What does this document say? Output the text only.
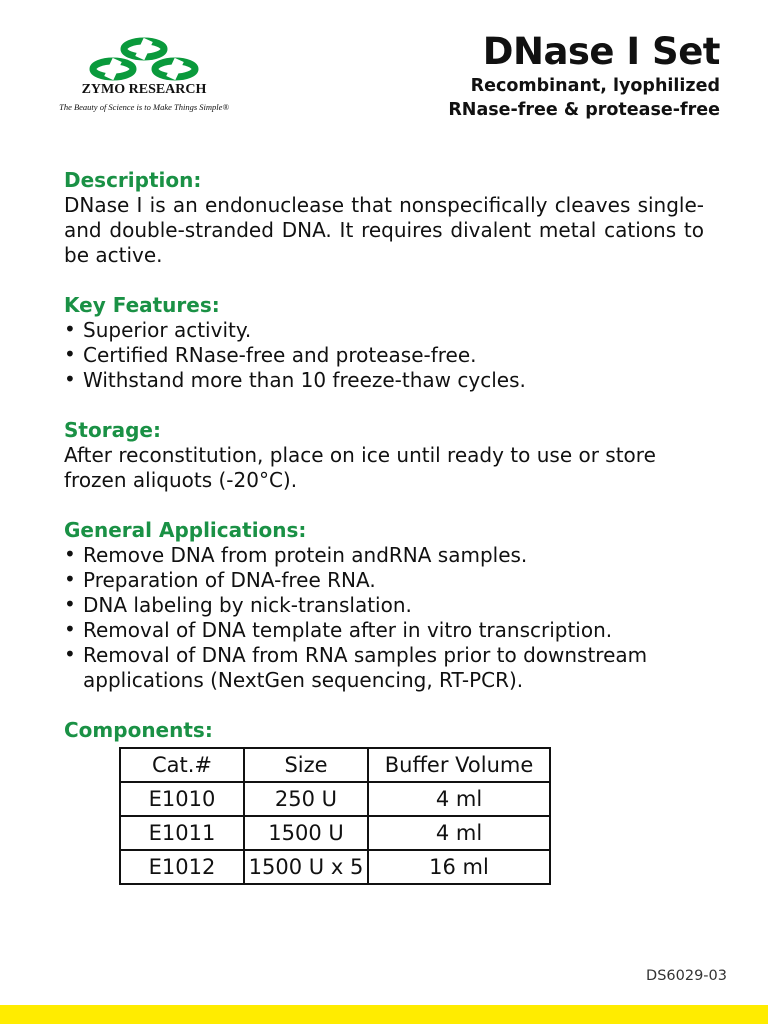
ZYMO RESEARCH
The Beauty of Science is to Make Things Simple®
DNase I Set
Recombinant, lyophilized
RNase-free & protease-free

Description:

DNase I is an endonuclease that nonspecifically cleaves single- and double-stranded DNA. It requires divalent metal cations to be active.

Key Features:

• Superior activity.
• Certified RNase-free and protease-free.
• Withstand more than 10 freeze-thaw cycles.

Storage:

After reconstitution, place on ice until ready to use or store frozen aliquots (-20°C).

General Applications:

• Remove DNA from protein andRNA samples.
• Preparation of DNA-free RNA.
• DNA labeling by nick-translation.
• Removal of DNA template after in vitro transcription.
• Removal of DNA from RNA samples prior to downstream applications (NextGen sequencing, RT-PCR).

Components:

Cat.#	Size	Buffer Volume
E1010	250 U	4 ml
E1011	1500 U	4 ml
E1012	1500 U x 5	16 ml
DS6029-03
